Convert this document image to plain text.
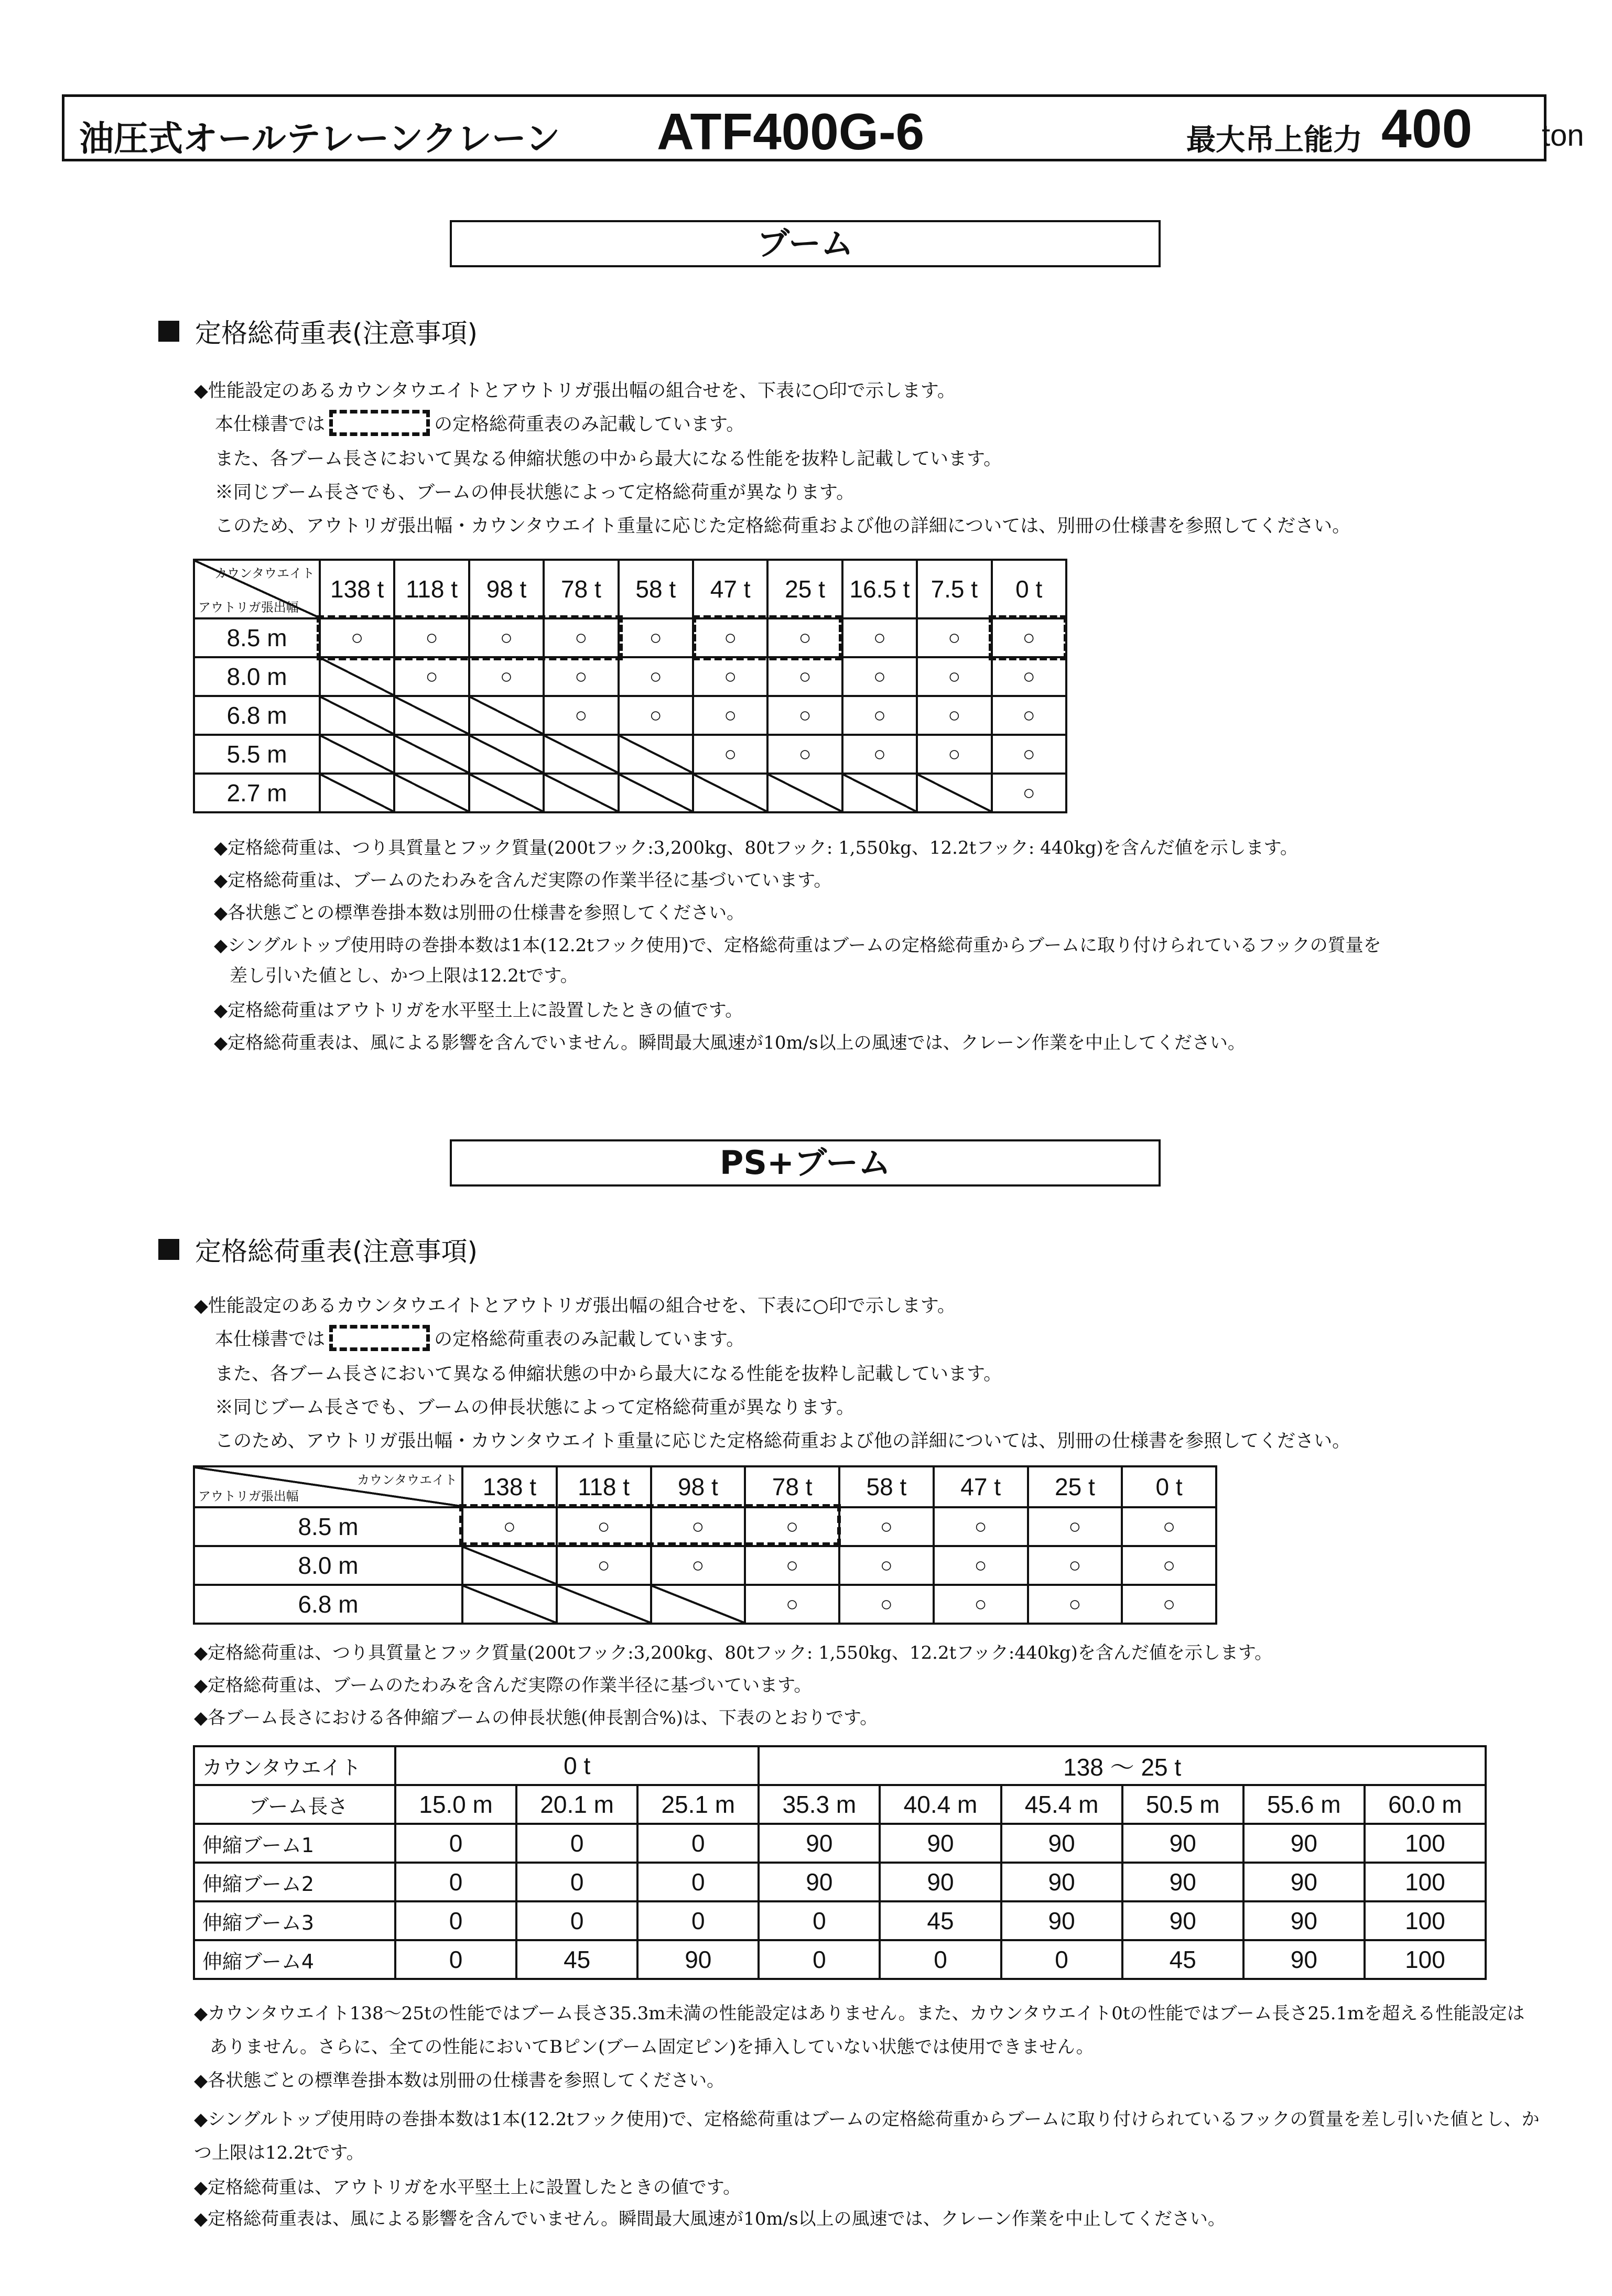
油圧式オールテレーンクレーン ATF400G-6	最大吊上能力 400 ton
ブーム
定格総荷重表(注意事項)
◆性能設定のあるカウンタウエイトとアウトリガ張出幅の組合せを、下表に○印で示します。
本仕様書では	の定格総荷重表のみ記載しています。
また、各ブーム長さにおいて異なる伸縮状態の中から最大になる性能を抜粋し記載しています。
※同じブーム長さでも、ブームの伸長状態によって定格総荷重が異なります。
このため、アウトリガ張出幅・カウンタウエイト重量に応じた定格総荷重および他の詳細については、別冊の仕様書を参照してください。
カウンタウエイト
アウトリガ張出幅	138 t	118 t	98 t	78 t	58 t	47 t	25 t	16.5 t	7.5 t	0 t
8.5 m	○	○	○	○	○	○	○	○	○	○
8.0 m		○	○	○	○	○	○	○	○	○
6.8 m				○	○	○	○	○	○	○
5.5 m						○	○	○	○	○
2.7 m										○
◆定格総荷重は、つり具質量とフック質量(200tフック:3,200kg、80tフック: 1,550kg、12.2tフック: 440kg)を含んだ値を示します。
◆定格総荷重は、ブームのたわみを含んだ実際の作業半径に基づいています。
◆各状態ごとの標準巻掛本数は別冊の仕様書を参照してください。
◆シングルトップ使用時の巻掛本数は1本(12.2tフック使用)で、定格総荷重はブームの定格総荷重からブームに取り付けられているフックの質量を
差し引いた値とし、かつ上限は12.2tです。
◆定格総荷重はアウトリガを水平堅土上に設置したときの値です。
◆定格総荷重表は、風による影響を含んでいません。瞬間最大風速が10m/s以上の風速では、クレーン作業を中止してください。
PS+ブーム
定格総荷重表(注意事項)
◆性能設定のあるカウンタウエイトとアウトリガ張出幅の組合せを、下表に○印で示します。
本仕様書では	の定格総荷重表のみ記載しています。
また、各ブーム長さにおいて異なる伸縮状態の中から最大になる性能を抜粋し記載しています。
※同じブーム長さでも、ブームの伸長状態によって定格総荷重が異なります。
このため、アウトリガ張出幅・カウンタウエイト重量に応じた定格総荷重および他の詳細については、別冊の仕様書を参照してください。
カウンタウエイト
アウトリガ張出幅	138 t	118 t	98 t	78 t	58 t	47 t	25 t	0 t
8.5 m	○	○	○	○	○	○	○	○
8.0 m		○	○	○	○	○	○	○
6.8 m				○	○	○	○	○
◆定格総荷重は、つり具質量とフック質量(200tフック:3,200kg、80tフック: 1,550kg、12.2tフック:440kg)を含んだ値を示します。
◆定格総荷重は、ブームのたわみを含んだ実際の作業半径に基づいています。
◆各ブーム長さにおける各伸縮ブームの伸長状態(伸長割合%)は、下表のとおりです。
カウンタウエイト	0 t			138 〜 25 t					
ブーム長さ	15.0 m	20.1 m	25.1 m	35.3 m	40.4 m	45.4 m	50.5 m	55.6 m	60.0 m
伸縮ブーム1	0	0	0	90	90	90	90	90	100
伸縮ブーム2	0	0	0	90	90	90	90	90	100
伸縮ブーム3	0	0	0	0	45	90	90	90	100
伸縮ブーム4	0	45	90	0	0	0	45	90	100
◆カウンタウエイト138〜25tの性能ではブーム長さ35.3m未満の性能設定はありません。また、カウンタウエイト0tの性能ではブーム長さ25.1mを超える性能設定は
ありません。さらに、全ての性能においてBピン(ブーム固定ピン)を挿入していない状態では使用できません。
◆各状態ごとの標準巻掛本数は別冊の仕様書を参照してください。
◆シングルトップ使用時の巻掛本数は1本(12.2tフック使用)で、定格総荷重はブームの定格総荷重からブームに取り付けられているフックの質量を差し引いた値とし、か
つ上限は12.2tです。
◆定格総荷重は、アウトリガを水平堅土上に設置したときの値です。
◆定格総荷重表は、風による影響を含んでいません。瞬間最大風速が10m/s以上の風速では、クレーン作業を中止してください。
